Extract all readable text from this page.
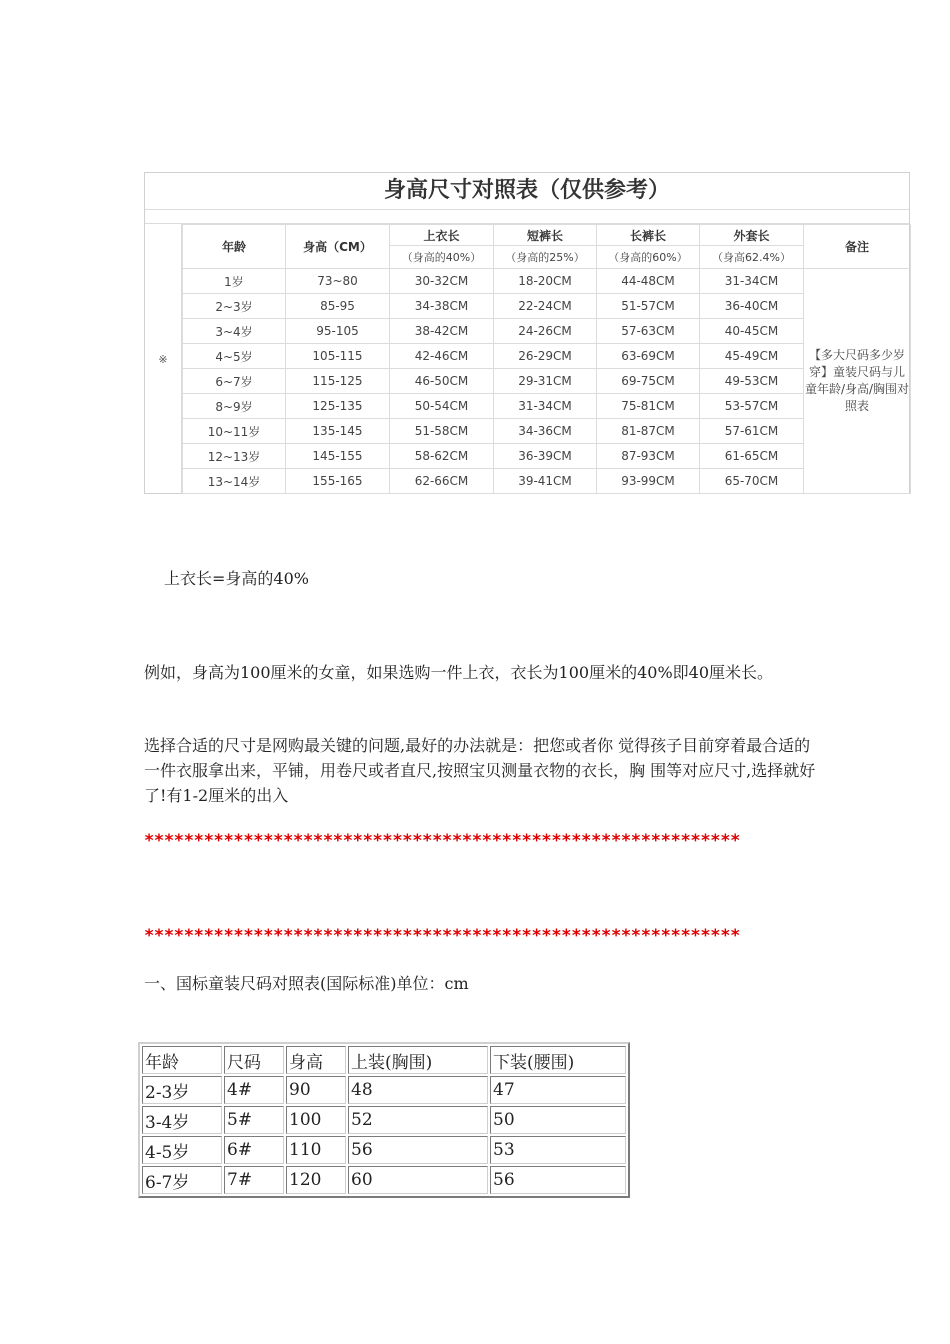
身高尺寸对照表（仅供参考）
※
年龄	身高（CM）	上衣长	短裤长	长裤长	外套长	备注
		（身高的40%）	（身高的25%）	（身高的60%）	（身高62.4%）	
1岁	73~80	30-32CM	18-20CM	44-48CM	31-34CM	【多大尺码多少岁穿】童装尺码与儿童年龄/身高/胸围对照表
2~3岁	85-95	34-38CM	22-24CM	51-57CM	36-40CM	
3~4岁	95-105	38-42CM	24-26CM	57-63CM	40-45CM	
4~5岁	105-115	42-46CM	26-29CM	63-69CM	45-49CM	
6~7岁	115-125	46-50CM	29-31CM	69-75CM	49-53CM	
8~9岁	125-135	50-54CM	31-34CM	75-81CM	53-57CM	
10~11岁	135-145	51-58CM	34-36CM	81-87CM	57-61CM	
12~13岁	145-155	58-62CM	36-39CM	87-93CM	61-65CM	
13~14岁	155-165	62-66CM	39-41CM	93-99CM	65-70CM	

上衣长=身高的40%

例如，身高为100厘米的女童，如果选购一件上衣，衣长为100厘米的40%即40厘米长。

选择合适的尺寸是网购最关键的问题,最好的办法就是：把您或者你 觉得孩子目前穿着最合适的一件衣服拿出来，平铺，用卷尺或者直尺,按照宝贝测量衣物的衣长，胸 围等对应尺寸,选择就好了!有1-2厘米的出入

************************************************************
************************************************************

一、国标童装尺码对照表(国际标准)单位：cm

年龄	尺码	身高	上装(胸围)	下装(腰围)
2-3岁	4#	90	48	47
3-4岁	5#	100	52	50
4-5岁	6#	110	56	53
6-7岁	7#	120	60	56
